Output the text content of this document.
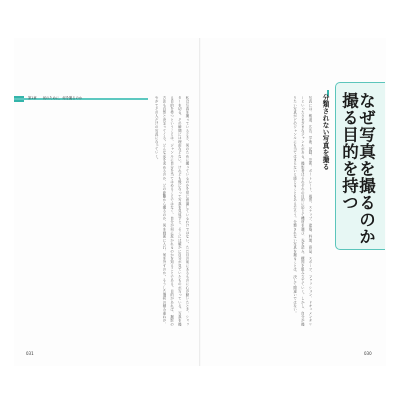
第1章 何のために、何を撮るのか	なぜ写真を撮るのか
撮る目的を持つ
分類されない写真を撮る
写真には、報道、広告、学術、記録、芸術、ポートレート、風景、スナップ、建築、料理、商品、スポーツ、ファッション、ドキュメンタリーといったさまざまなジャンルがある。撮影者はそれぞれの目的に応じて機材を選び、光を読み、構図を組み立てていく。しかし、自分が撮りたい写真がどのジャンルにも当てはまらないと感じることもあるだろう。分類されない写真を撮ることは、決して間違いではない。
私は写真を撮っているとき、何のために撮っているのかを常に意識しているわけではない。ただ目の前にあるものに心が動いたとき、シャッターを切る。その瞬間には理由などない。けれども後になって写真を見返すと、そこには確かに自分が見ていたものが写っている。写真を撮る目的を持つということは、ジャンルに自分を当てはめることではなく、自分が何に惹かれるのかを知ることである。目的があれば、撮影の方法も自然と決まってくる。どんな光を求めるのか、どの距離から撮るのか、何を画面に入れ、何を外すのか。そうした選択の積み重ねが、やがてその人だけの写真になっていく。
031	030
